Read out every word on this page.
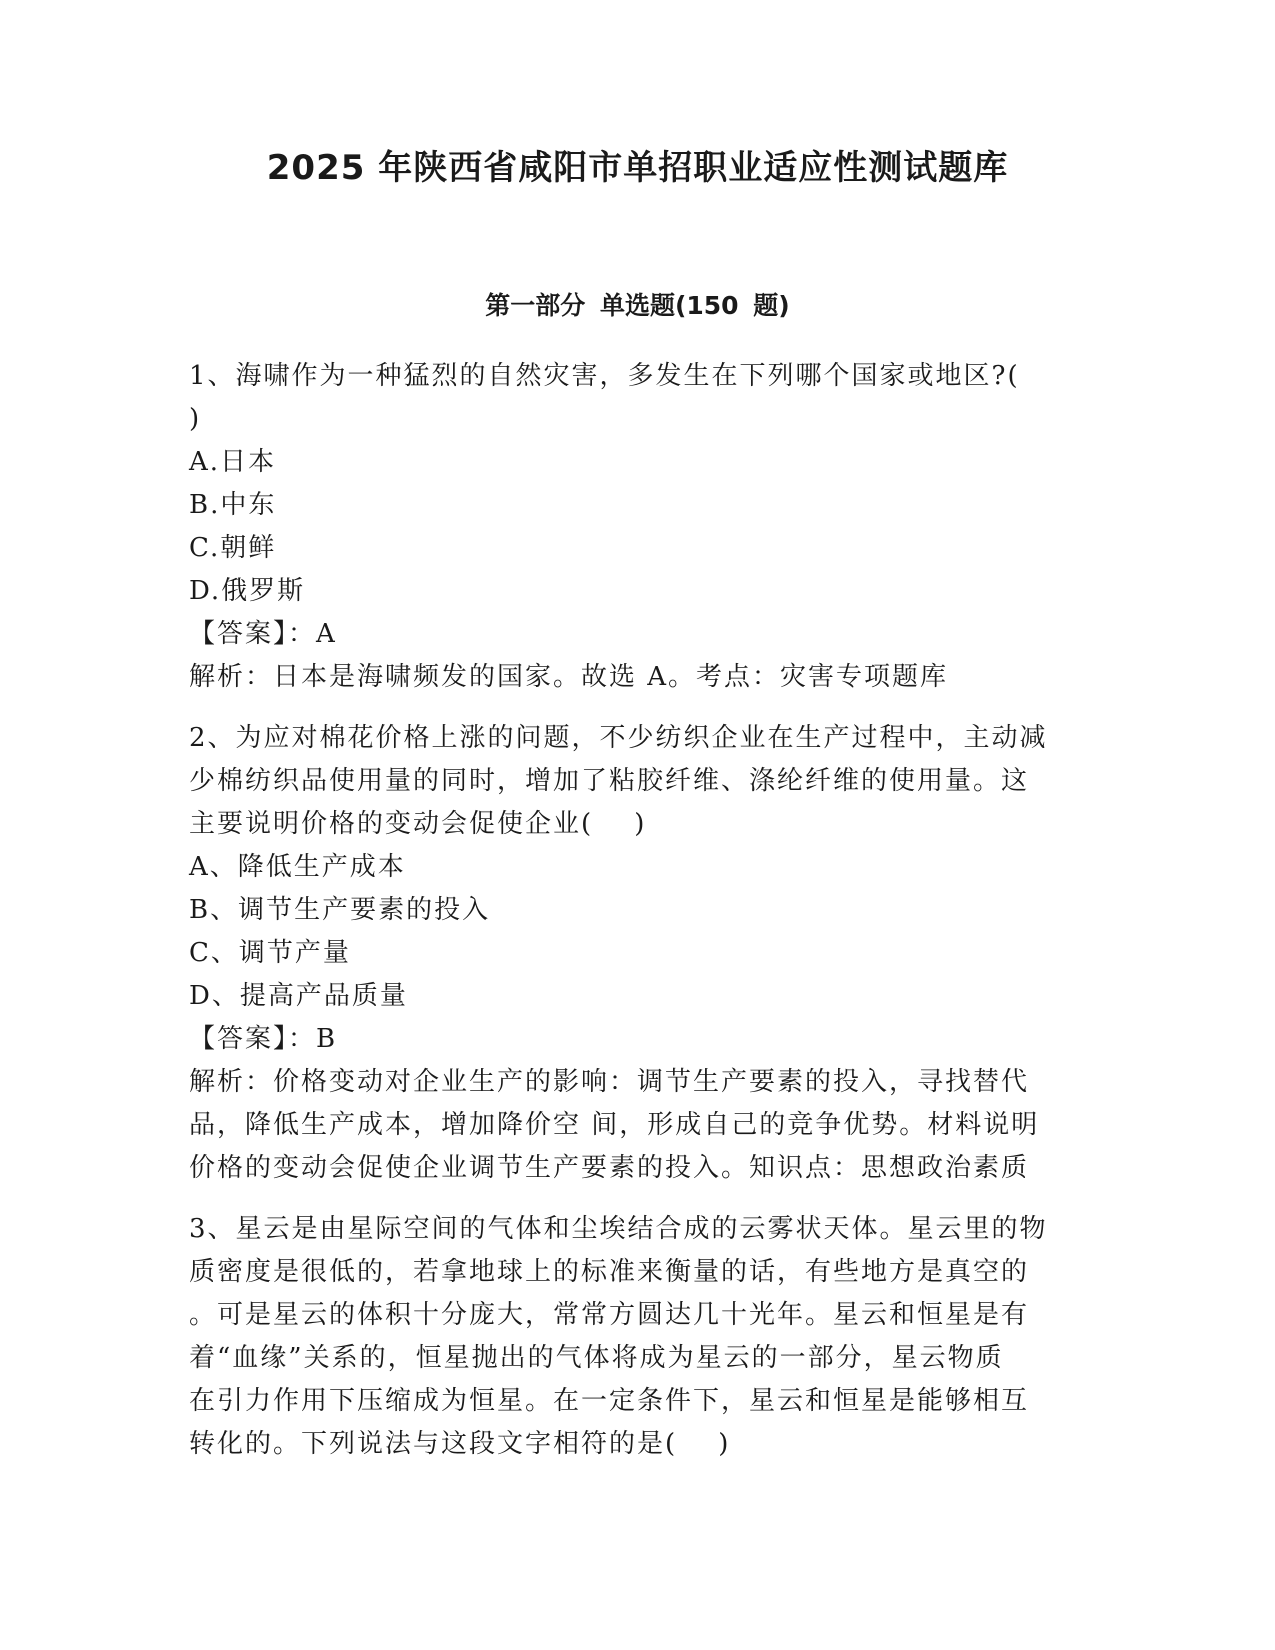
2025 年陕西省咸阳市单招职业适应性测试题库
第一部分 单选题(150 题)
1、海啸作为一种猛烈的自然灾害，多发生在下列哪个国家或地区?(
)
A.日本
B.中东
C.朝鲜
D.俄罗斯
【答案】：A
解析：日本是海啸频发的国家。故选 A。考点：灾害专项题库
2、为应对棉花价格上涨的问题，不少纺织企业在生产过程中，主动减
少棉纺织品使用量的同时，增加了粘胶纤维、涤纶纤维的使用量。这
主要说明价格的变动会促使企业(    )
A、降低生产成本
B、调节生产要素的投入
C、调节产量
D、提高产品质量
【答案】：B
解析：价格变动对企业生产的影响：调节生产要素的投入，寻找替代
品，降低生产成本，增加降价空 间，形成自己的竞争优势。材料说明
价格的变动会促使企业调节生产要素的投入。知识点：思想政治素质
3、星云是由星际空间的气体和尘埃结合成的云雾状天体。星云里的物
质密度是很低的，若拿地球上的标准来衡量的话，有些地方是真空的
。可是星云的体积十分庞大，常常方圆达几十光年。星云和恒星是有
着“血缘”关系的，恒星抛出的气体将成为星云的一部分，星云物质
在引力作用下压缩成为恒星。在一定条件下，星云和恒星是能够相互
转化的。下列说法与这段文字相符的是(    )
